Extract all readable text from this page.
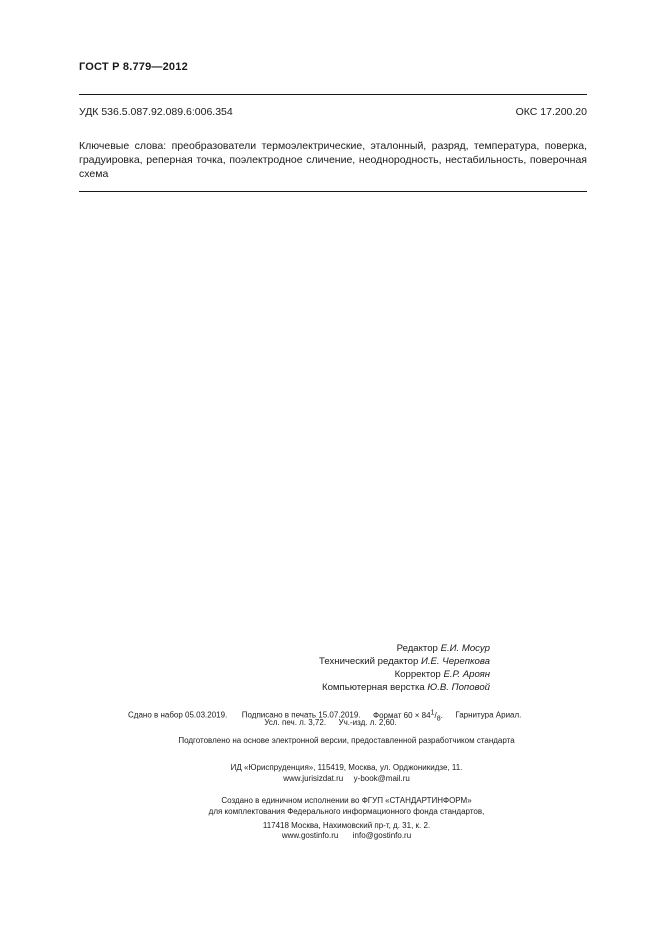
ГОСТ Р 8.779—2012
УДК 536.5.087.92.089.6:006.354	ОКС 17.200.20
Ключевые слова: преобразователи термоэлектрические, эталонный, разряд, температура, поверка, градуировка, реперная точка, поэлектродное сличение, неоднородность, нестабильность, поверочная схема
Редактор Е.И. Мосур
Технический редактор И.Е. Черепкова
Корректор Е.Р. Ароян
Компьютерная верстка Ю.В. Поповой
Сдано в набор 05.03.2019. Подписано в печать 15.07.2019. Формат $60 \times 84^1/_8$. Гарнитура Ариал.
Усл. печ. л. 3,72. Уч.-изд. л. 2,60.
Подготовлено на основе электронной версии, предоставленной разработчиком стандарта
ИД «Юриспруденция», 115419, Москва, ул. Орджоникидзе, 11.
www.jurisizdat.ru y-book@mail.ru
Создано в единичном исполнении во ФГУП «СТАНДАРТИНФОРМ»
для комплектования Федерального информационного фонда стандартов,
117418 Москва, Нахимовский пр-т, д. 31, к. 2.
www.gostinfo.ru info@gostinfo.ru
